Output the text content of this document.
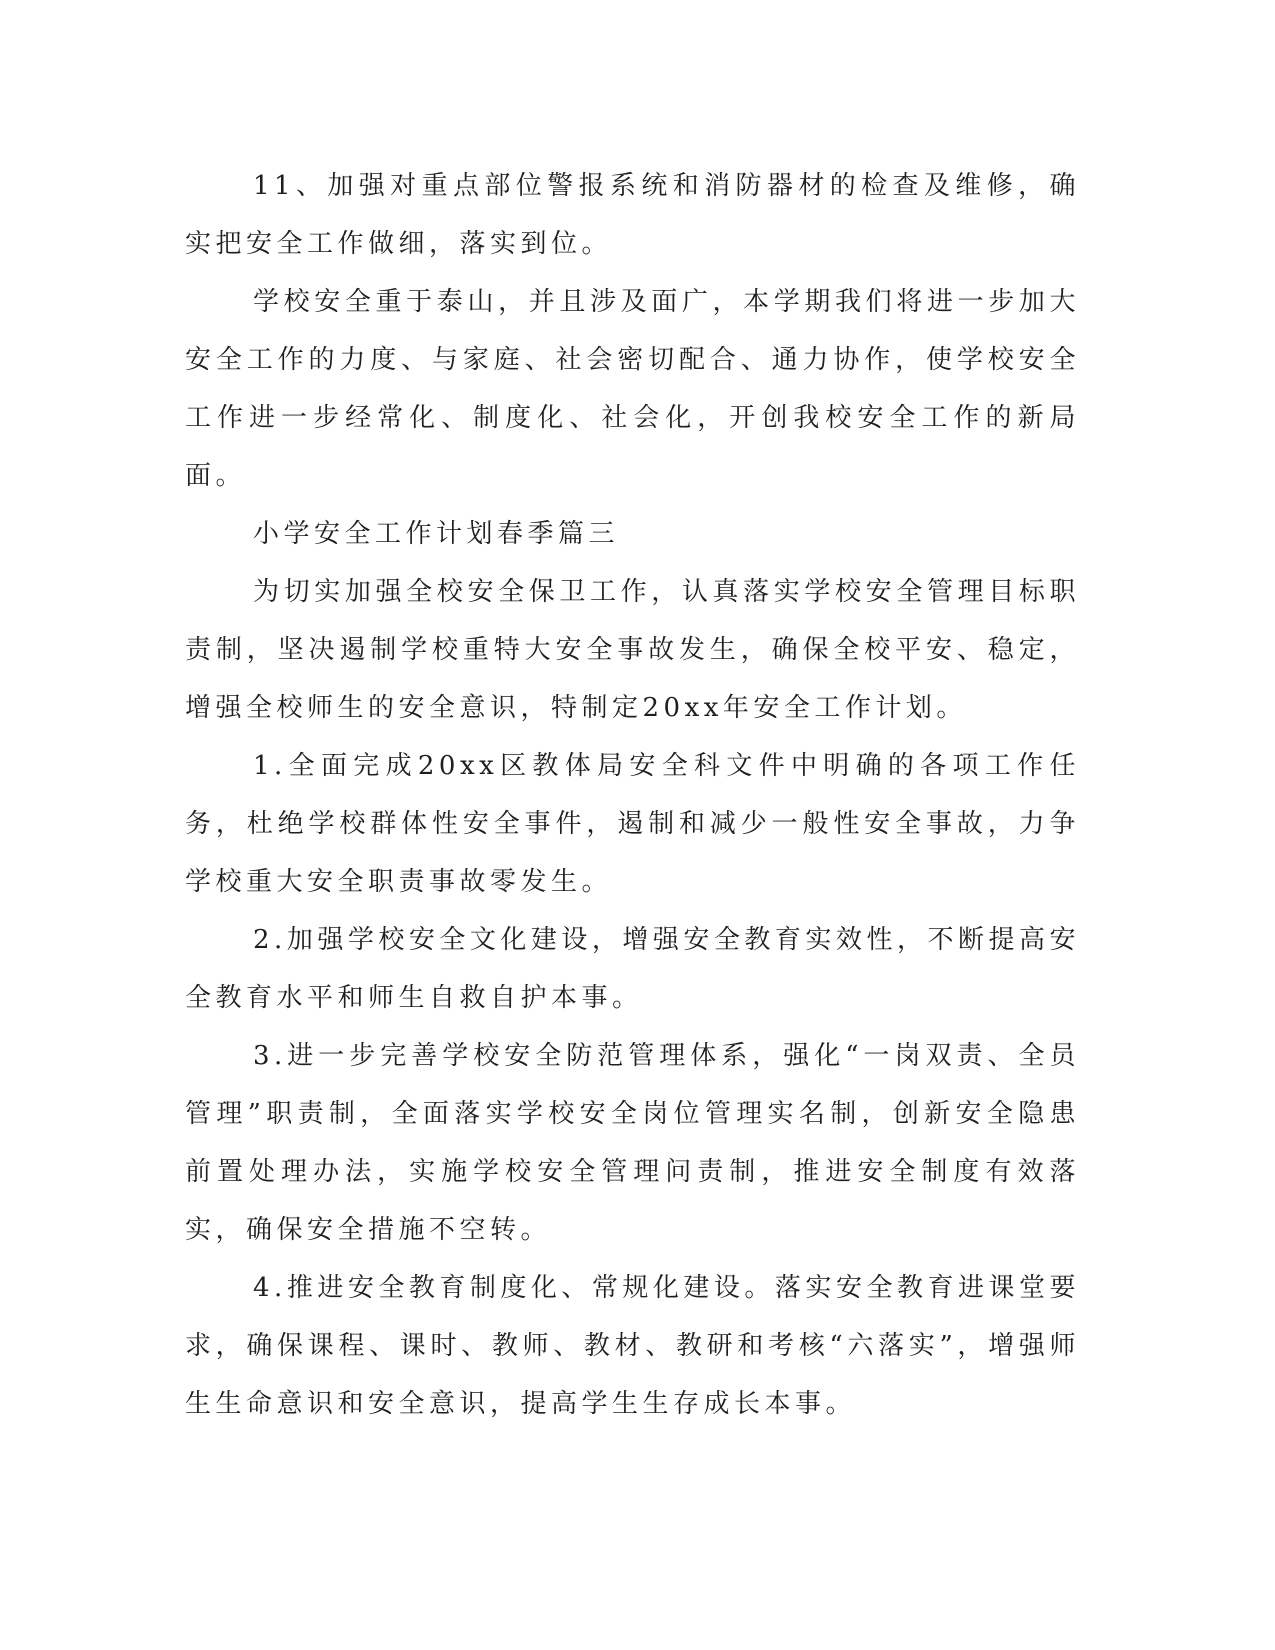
11、加强对重点部位警报系统和消防器材的检查及维修，确实把安全工作做细，落实到位。

学校安全重于泰山，并且涉及面广，本学期我们将进一步加大安全工作的力度、与家庭、社会密切配合、通力协作，使学校安全工作进一步经常化、制度化、社会化，开创我校安全工作的新局面。

小学安全工作计划春季篇三

为切实加强全校安全保卫工作，认真落实学校安全管理目标职责制，坚决遏制学校重特大安全事故发生，确保全校平安、稳定，增强全校师生的安全意识，特制定20xx年安全工作计划。

1.全面完成20xx区教体局安全科文件中明确的各项工作任务，杜绝学校群体性安全事件，遏制和减少一般性安全事故，力争学校重大安全职责事故零发生。

2.加强学校安全文化建设，增强安全教育实效性，不断提高安全教育水平和师生自救自护本事。

3.进一步完善学校安全防范管理体系，强化“一岗双责、全员管理”职责制，全面落实学校安全岗位管理实名制，创新安全隐患前置处理办法，实施学校安全管理问责制，推进安全制度有效落实，确保安全措施不空转。

4.推进安全教育制度化、常规化建设。落实安全教育进课堂要求，确保课程、课时、教师、教材、教研和考核“六落实”，增强师生生命意识和安全意识，提高学生生存成长本事。
